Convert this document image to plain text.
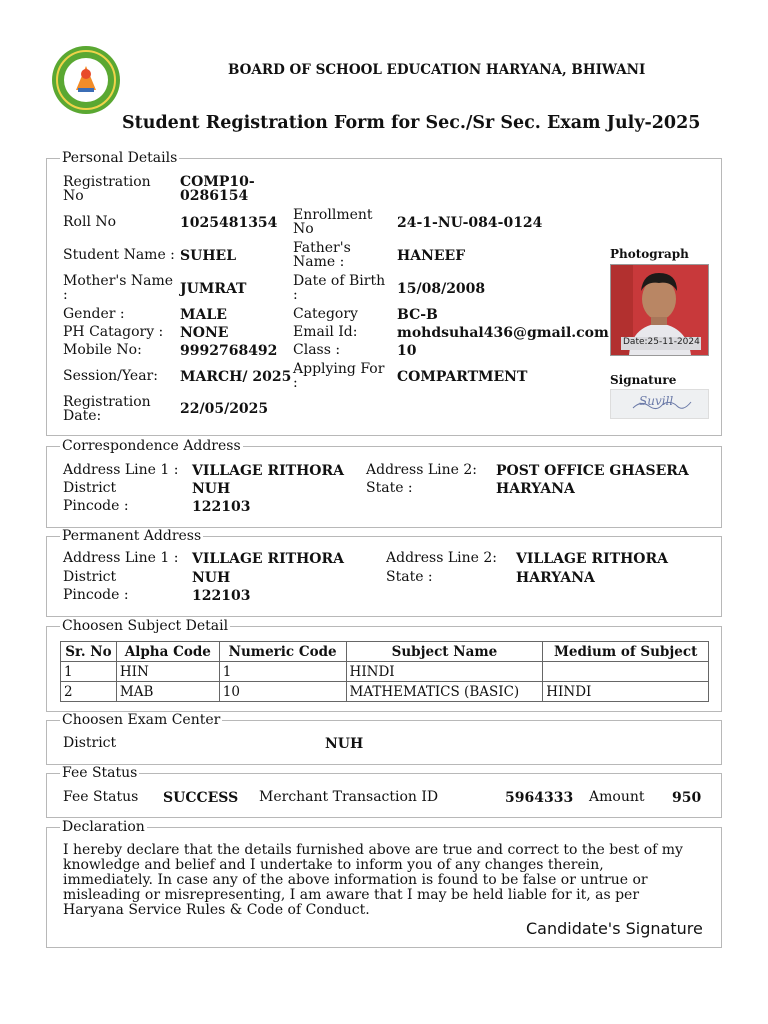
BOARD OF SCHOOL EDUCATION HARYANA, BHIWANI
Student Registration Form for Sec./Sr Sec. Exam July-2025
Personal Details
Registration No
COMP10-0286154
Roll No	1025481354 Enrollment No	24-1-NU-084-0124
Student Name : SUHEL	Father's Name :	HANEEF
Mother's Name :	JUMRAT	Date of Birth :	15/08/2008
Gender :	MALE	Category	BC-B
PH Catagory : NONE	Email Id:	mohdsuhal436@gmail.com
Mobile No:	9992768492 Class :	10
Session/Year: MARCH/ 2025 Applying For :	COMPARTMENT
Registration Date:	22/05/2025
Photograph
Date:25-11-2024
Signature
Suvill
Correspondence Address
Address Line 1 : VILLAGE RITHORA Address Line 2: POST OFFICE GHASERA
District	NUH	State :	HARYANA
Pincode :	122103
Permanent Address
Address Line 1 : VILLAGE RITHORA	Address Line 2: VILLAGE RITHORA
District	NUH	State :	HARYANA
Pincode :	122103
Choosen Subject Detail
Sr. No	Alpha Code	Numeric Code	Subject Name	Medium of Subject
1	HIN	1	HINDI	
2	MAB	10	MATHEMATICS (BASIC)	HINDI
Choosen Exam Center
District	NUH
Fee Status
Fee Status SUCCESS Merchant Transaction ID	5964333 Amount 950
Declaration
I hereby declare that the details furnished above are true and correct to the best of my
knowledge and belief and I undertake to inform you of any changes therein,
immediately. In case any of the above information is found to be false or untrue or
misleading or misrepresenting, I am aware that I may be held liable for it, as per
Haryana Service Rules & Code of Conduct.
Candidate's Signature
